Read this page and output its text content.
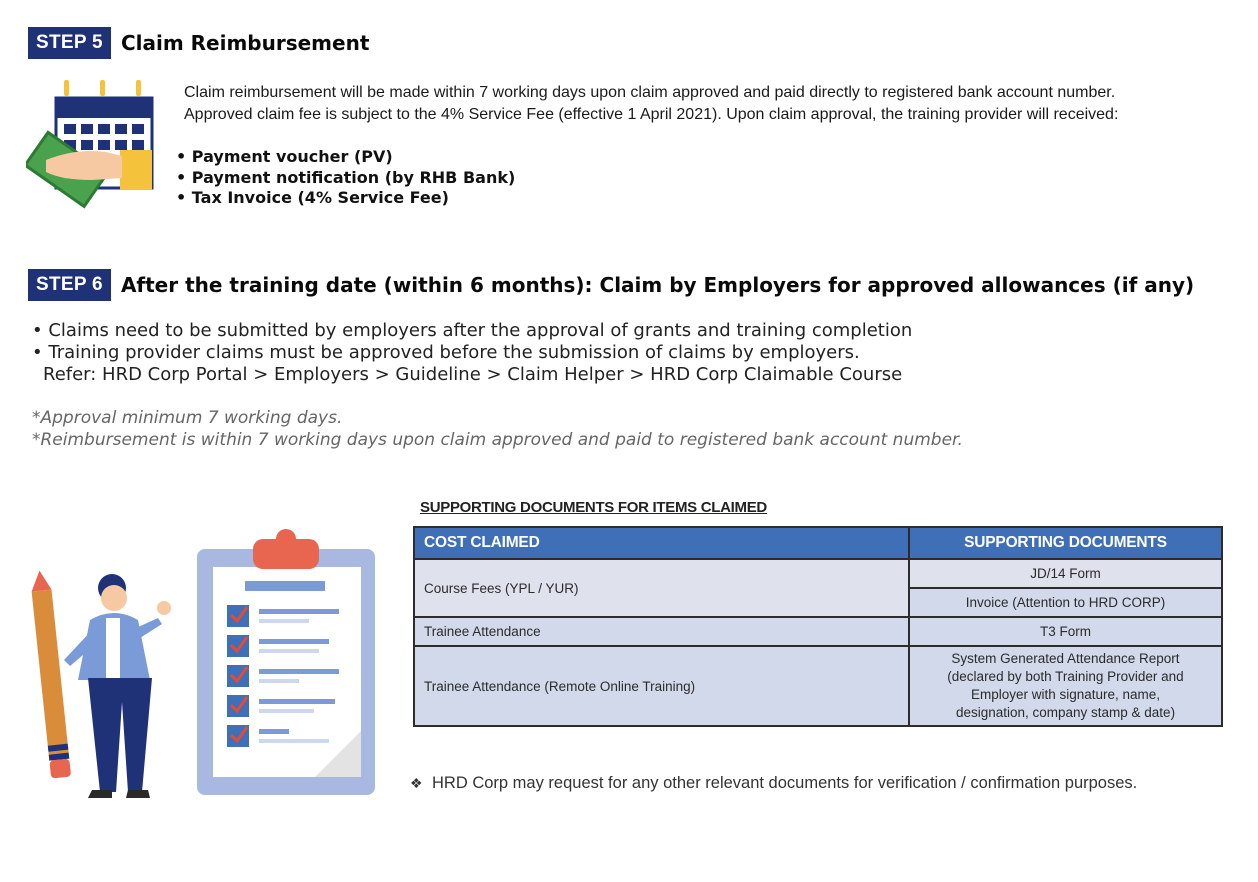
STEP 5 Claim Reimbursement
Claim reimbursement will be made within 7 working days upon claim approved and paid directly to registered bank account number.
Approved claim fee is subject to the 4% Service Fee (effective 1 April 2021). Upon claim approval, the training provider will received:
• Payment voucher (PV)
• Payment notification (by RHB Bank)
• Tax Invoice (4% Service Fee)
STEP 6 After the training date (within 6 months): Claim by Employers for approved allowances (if any)
• Claims need to be submitted by employers after the approval of grants and training completion
• Training provider claims must be approved before the submission of claims by employers.
Refer: HRD Corp Portal > Employers > Guideline > Claim Helper > HRD Corp Claimable Course
*Approval minimum 7 working days.
*Reimbursement is within 7 working days upon claim approved and paid to registered bank account number.
SUPPORTING DOCUMENTS FOR ITEMS CLAIMED
COST CLAIMED	SUPPORTING DOCUMENTS
Course Fees (YPL / YUR)	JD/14 Form
	Invoice (Attention to HRD CORP)
Trainee Attendance	T3 Form
Trainee Attendance (Remote Online Training)	System Generated Attendance Report
(declared by both Training Provider and
Employer with signature, name,
designation, company stamp & date)
❖ HRD Corp may request for any other relevant documents for verification / confirmation purposes.
